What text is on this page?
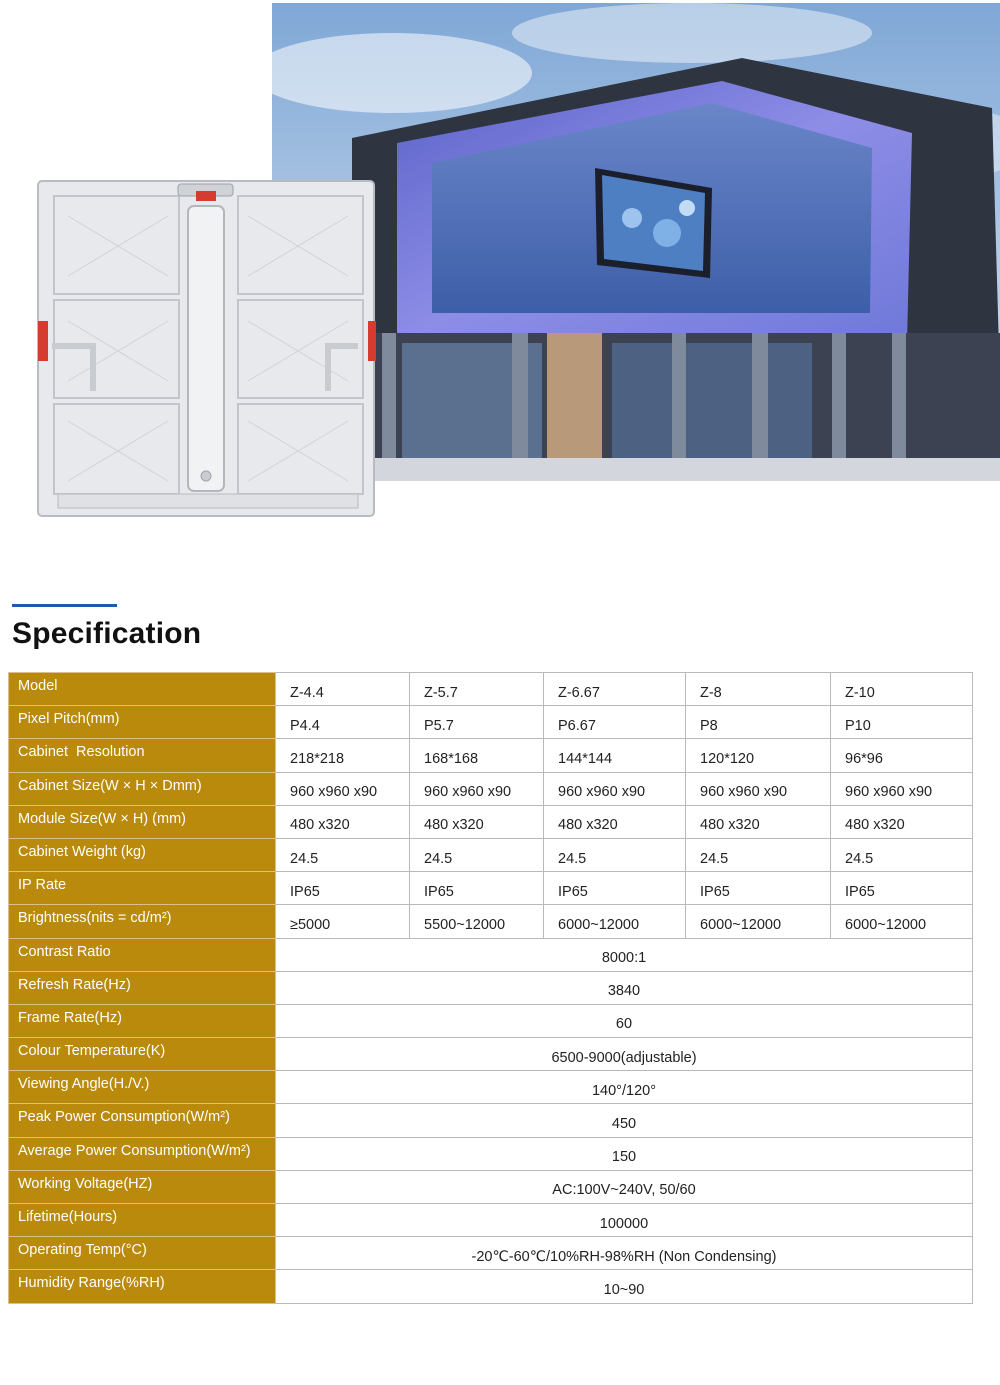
Specification
Model	Z-4.4	Z-5.7	Z-6.67	Z-8	Z-10
Pixel Pitch(mm)	P4.4	P5.7	P6.67	P8	P10
Cabinet  Resolution	218*218	168*168	144*144	120*120	96*96
Cabinet Size(W × H × Dmm)	960 x960 x90	960 x960 x90	960 x960 x90	960 x960 x90	960 x960 x90
Module Size(W × H) (mm)	480 x320	480 x320	480 x320	480 x320	480 x320
Cabinet Weight (kg)	24.5	24.5	24.5	24.5	24.5
IP Rate	IP65	IP65	IP65	IP65	IP65
Brightness(nits = cd/m²)	≥5000	5500~12000	6000~12000	6000~12000	6000~12000
Contrast Ratio	8000:1				
Refresh Rate(Hz)	3840				
Frame Rate(Hz)	60				
Colour Temperature(K)	6500-9000(adjustable)				
Viewing Angle(H./V.)	140°/120°				
Peak Power Consumption(W/m²)	450				
Average Power Consumption(W/m²)	150				
Working Voltage(HZ)	AC:100V~240V, 50/60				
Lifetime(Hours)	100000				
Operating Temp(°C)	-20℃-60℃/10%RH-98%RH (Non Condensing)				
Humidity Range(%RH)	10~90				
